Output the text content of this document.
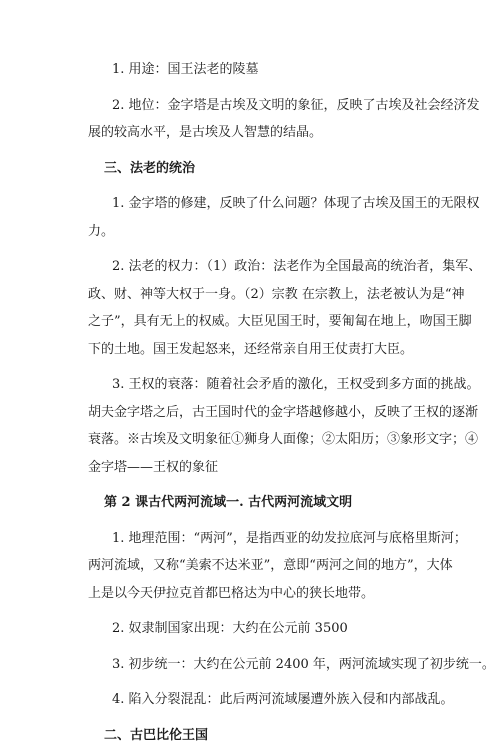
1. 用途：国王法老的陵墓
2. 地位：金字塔是古埃及文明的象征，反映了古埃及社会经济发
展的较高水平，是古埃及人智慧的结晶。
三、法老的统治
1. 金字塔的修建，反映了什么问题？体现了古埃及国王的无限权
力。
2. 法老的权力：（1）政治：法老作为全国最高的统治者，集军、
政、财、神等大权于一身。（2）宗教 在宗教上，法老被认为是“神
之子”，具有无上的权威。大臣见国王时，要匍匐在地上，吻国王脚
下的土地。国王发起怒来，还经常亲自用王仗责打大臣。
3. 王权的衰落：随着社会矛盾的激化，王权受到多方面的挑战。
胡夫金字塔之后，古王国时代的金字塔越修越小，反映了王权的逐渐
衰落。※古埃及文明象征①狮身人面像；②太阳历；③象形文字；④
金字塔——王权的象征
第 2 课古代两河流域一. 古代两河流域文明
1. 地理范围：“两河”，是指西亚的幼发拉底河与底格里斯河；
两河流域，又称“美索不达米亚”，意即“两河之间的地方”，大体
上是以今天伊拉克首都巴格达为中心的狭长地带。
2. 奴隶制国家出现：大约在公元前 3500
3. 初步统一：大约在公元前 2400 年，两河流域实现了初步统一。
4. 陷入分裂混乱：此后两河流域屡遭外族入侵和内部战乱。
二、古巴比伦王国
